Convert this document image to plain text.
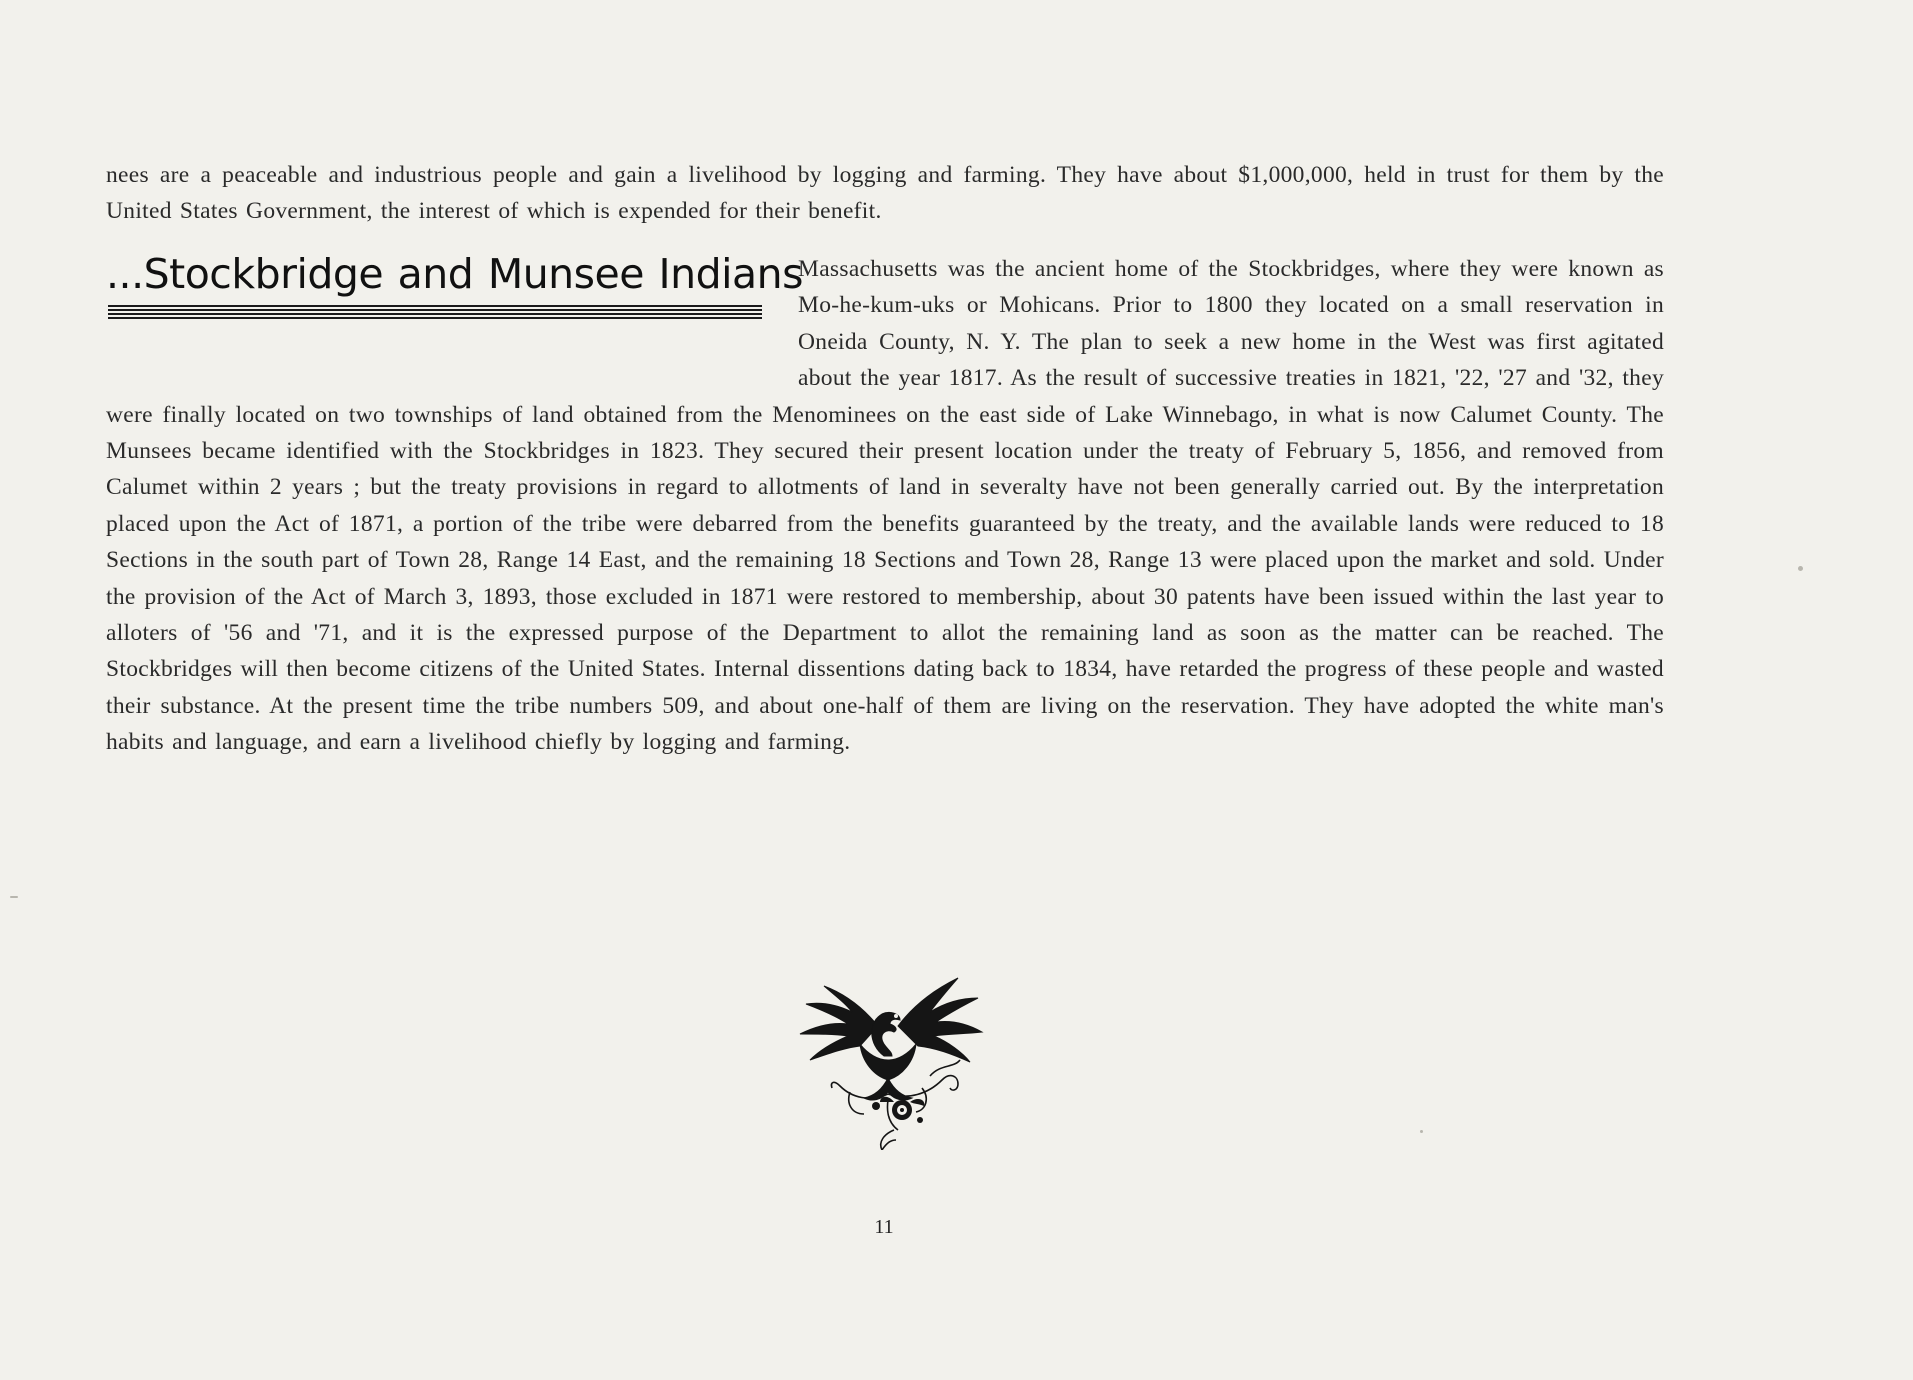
nees are a peaceable and industrious people and gain a livelihood by logging and farming. They have about $1,000,000, held in trust for them by the United States Government, the interest of which is expended for their benefit.

...Stockbridge and Munsee Indians

Massachusetts was the ancient home of the Stockbridges, where they were known as Mo-he-kum-uks or Mohicans. Prior to 1800 they located on a small reservation in Oneida County, N. Y. The plan to seek a new home in the West was first agitated about the year 1817. As the result of successive treaties in 1821, '22, '27 and '32, they were finally located on two townships of land obtained from the Menominees on the east side of Lake Winnebago, in what is now Calumet County. The Munsees became identified with the Stockbridges in 1823. They secured their present location under the treaty of February 5, 1856, and removed from Calumet within 2 years ; but the treaty provisions in regard to allotments of land in severalty have not been generally carried out. By the interpretation placed upon the Act of 1871, a portion of the tribe were debarred from the benefits guaranteed by the treaty, and the available lands were reduced to 18 Sections in the south part of Town 28, Range 14 East, and the remaining 18 Sections and Town 28, Range 13 were placed upon the market and sold. Under the provision of the Act of March 3, 1893, those excluded in 1871 were restored to membership, about 30 patents have been issued within the last year to alloters of '56 and '71, and it is the expressed purpose of the Department to allot the remaining land as soon as the matter can be reached. The Stockbridges will then become citizens of the United States. Internal dissentions dating back to 1834, have retarded the progress of these people and wasted their substance. At the present time the tribe numbers 509, and about one-half of them are living on the reservation. They have adopted the white man's habits and language, and earn a livelihood chiefly by logging and farming.

11
